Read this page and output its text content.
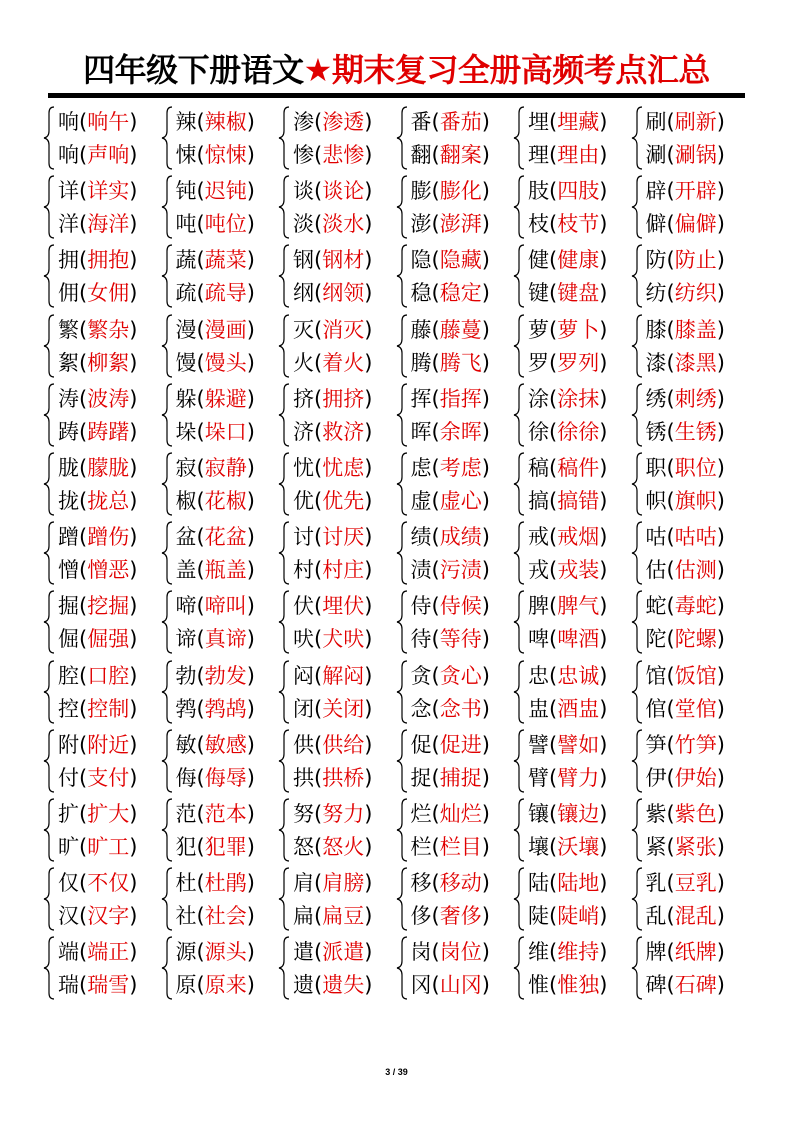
四年级下册语文★期末复习全册高频考点汇总
响(响午)
响(声响)
辣(辣椒)
悚(惊悚)
渗(渗透)
惨(悲惨)
番(番茄)
翻(翻案)
埋(埋藏)
理(理由)
刷(刷新)
涮(涮锅)
详(详实)
洋(海洋)
钝(迟钝)
吨(吨位)
谈(谈论)
淡(淡水)
膨(膨化)
澎(澎湃)
肢(四肢)
枝(枝节)
辟(开辟)
僻(偏僻)
拥(拥抱)
佣(女佣)
蔬(蔬菜)
疏(疏导)
钢(钢材)
纲(纲领)
隐(隐藏)
稳(稳定)
健(健康)
键(键盘)
防(防止)
纺(纺织)
繁(繁杂)
絮(柳絮)
漫(漫画)
馒(馒头)
灭(消灭)
火(着火)
藤(藤蔓)
腾(腾飞)
萝(萝卜)
罗(罗列)
膝(膝盖)
漆(漆黑)
涛(波涛)
踌(踌躇)
躲(躲避)
垛(垛口)
挤(拥挤)
济(救济)
挥(指挥)
晖(余晖)
涂(涂抹)
徐(徐徐)
绣(刺绣)
锈(生锈)
胧(朦胧)
拢(拢总)
寂(寂静)
椒(花椒)
忧(忧虑)
优(优先)
虑(考虑)
虚(虚心)
稿(稿件)
搞(搞错)
职(职位)
帜(旗帜)
蹭(蹭伤)
憎(憎恶)
盆(花盆)
盖(瓶盖)
讨(讨厌)
村(村庄)
绩(成绩)
渍(污渍)
戒(戒烟)
戎(戎装)
咕(咕咕)
估(估测)
掘(挖掘)
倔(倔强)
啼(啼叫)
谛(真谛)
伏(埋伏)
吠(犬吠)
侍(侍候)
待(等待)
脾(脾气)
啤(啤酒)
蛇(毒蛇)
陀(陀螺)
腔(口腔)
控(控制)
勃(勃发)
鹁(鹁鸪)
闷(解闷)
闭(关闭)
贪(贪心)
念(念书)
忠(忠诚)
盅(酒盅)
馆(饭馆)
倌(堂倌)
附(附近)
付(支付)
敏(敏感)
侮(侮辱)
供(供给)
拱(拱桥)
促(促进)
捉(捕捉)
譬(譬如)
臂(臂力)
笋(竹笋)
伊(伊始)
扩(扩大)
旷(旷工)
范(范本)
犯(犯罪)
努(努力)
怒(怒火)
烂(灿烂)
栏(栏目)
镶(镶边)
壤(沃壤)
紫(紫色)
紧(紧张)
仅(不仅)
汉(汉字)
杜(杜鹃)
社(社会)
肩(肩膀)
扁(扁豆)
移(移动)
侈(奢侈)
陆(陆地)
陡(陡峭)
乳(豆乳)
乱(混乱)
端(端正)
瑞(瑞雪)
源(源头)
原(原来)
遣(派遣)
遗(遗失)
岗(岗位)
冈(山冈)
维(维持)
惟(惟独)
牌(纸牌)
碑(石碑)
3 / 39
